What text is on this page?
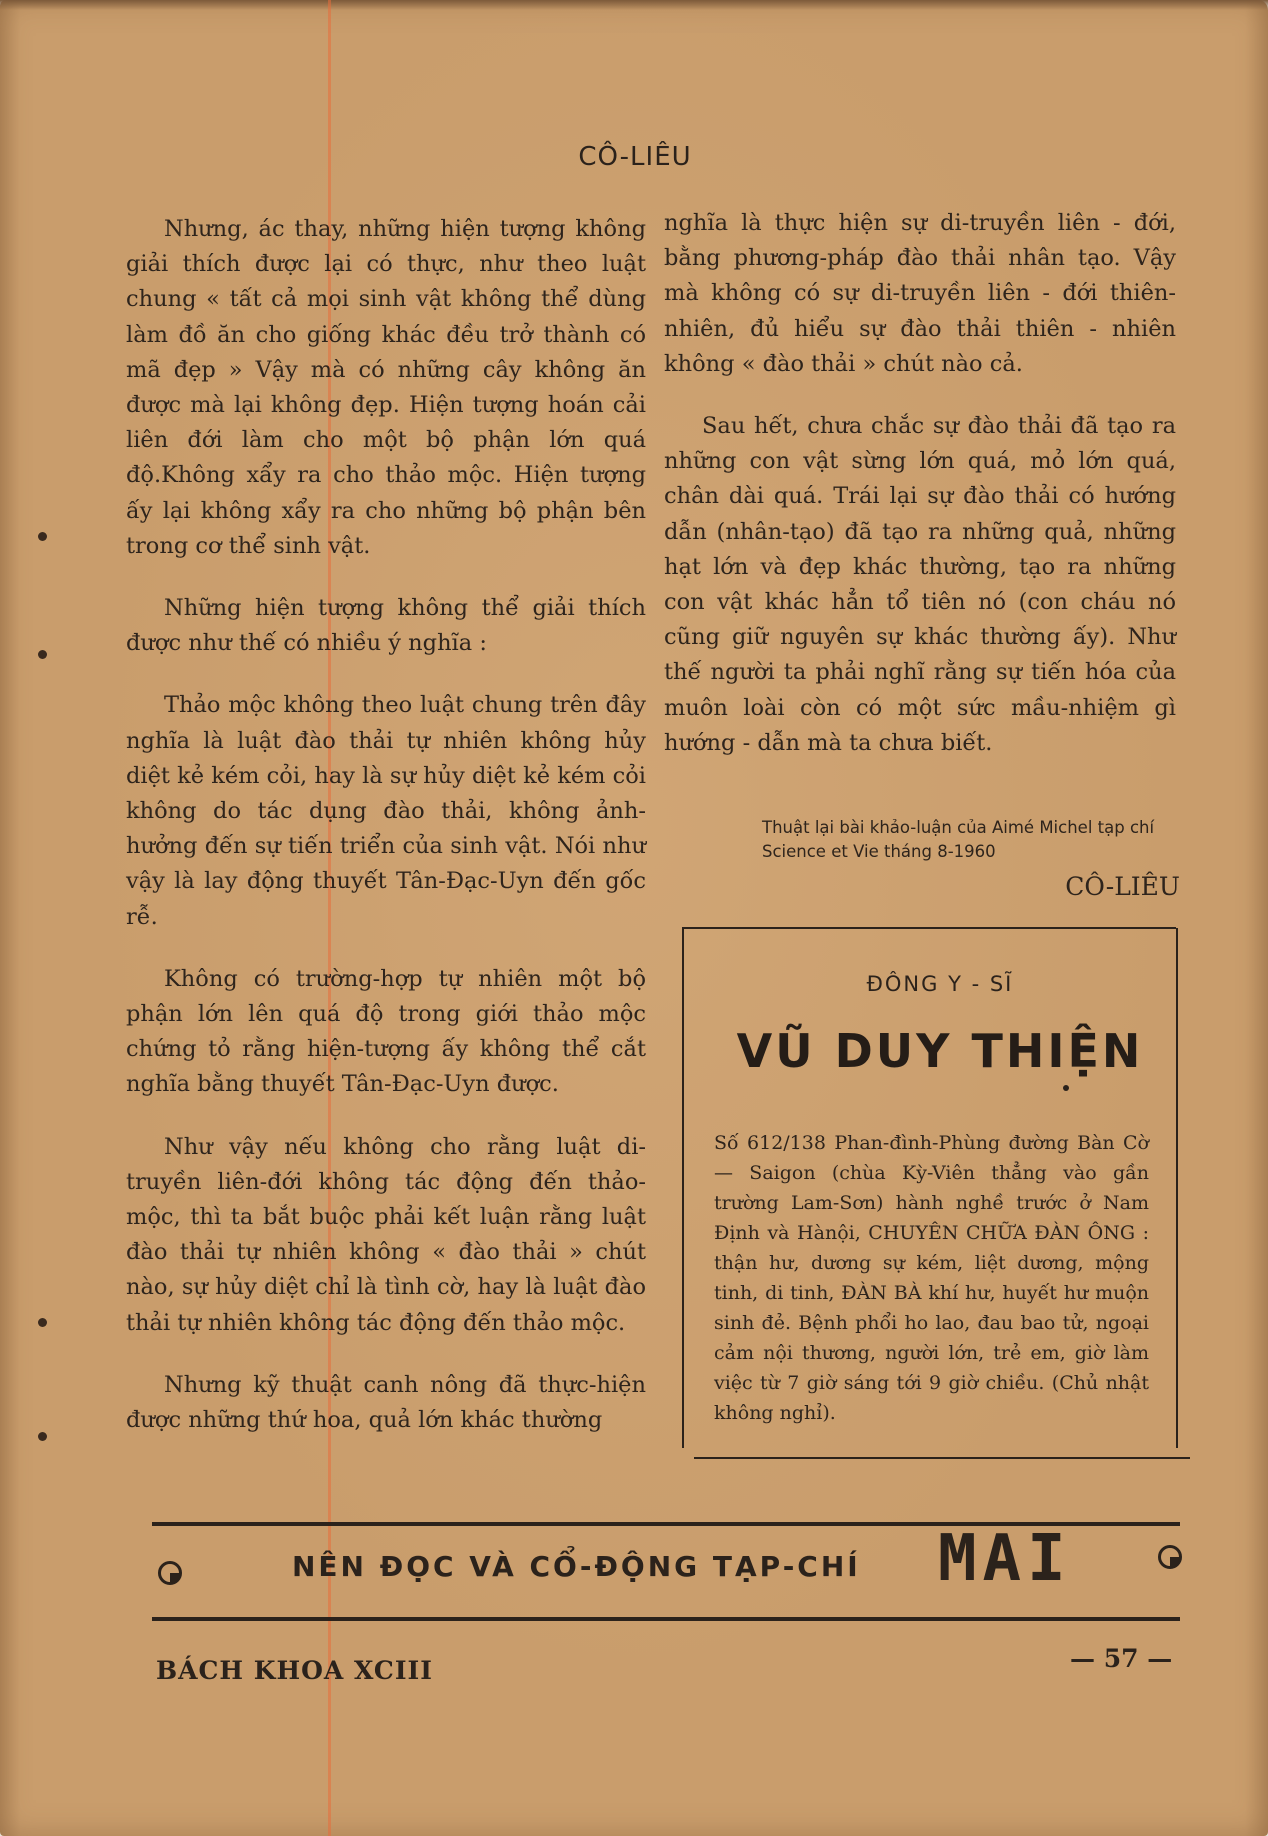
CÔ-LIÊU

Nhưng, ác thay, những hiện tượng không giải thích được lại có thực, như theo luật chung « tất cả mọi sinh vật không thể dùng làm đồ ăn cho giống khác đều trở thành có mã đẹp » Vậy mà có những cây không ăn được mà lại không đẹp. Hiện tượng hoán cải liên đới làm cho một bộ phận lớn quá độ.Không xẩy ra cho thảo mộc. Hiện tượng ấy lại không xẩy ra cho những bộ phận bên trong cơ thể sinh vật.

Những hiện tượng không thể giải thích được như thế có nhiều ý nghĩa :

Thảo mộc không theo luật chung trên đây nghĩa là luật đào thải tự nhiên không hủy diệt kẻ kém cỏi, hay là sự hủy diệt kẻ kém cỏi không do tác dụng đào thải, không ảnh-hưởng đến sự tiến triển của sinh vật. Nói như vậy là lay động thuyết Tân-Đạc-Uyn đến gốc rễ.

Không có trường-hợp tự nhiên một bộ phận lớn lên quá độ trong giới thảo mộc chứng tỏ rằng hiện-tượng ấy không thể cắt nghĩa bằng thuyết Tân-Đạc-Uyn được.

Như vậy nếu không cho rằng luật di-truyền liên-đới không tác động đến thảo-mộc, thì ta bắt buộc phải kết luận rằng luật đào thải tự nhiên không « đào thải » chút nào, sự hủy diệt chỉ là tình cờ, hay là luật đào thải tự nhiên không tác động đến thảo mộc.

Nhưng kỹ thuật canh nông đã thực-hiện được những thứ hoa, quả lớn khác thường

nghĩa là thực hiện sự di-truyền liên - đới, bằng phương-pháp đào thải nhân tạo. Vậy mà không có sự di-truyền liên - đới thiên-nhiên, đủ hiểu sự đào thải thiên - nhiên không « đào thải » chút nào cả.

Sau hết, chưa chắc sự đào thải đã tạo ra những con vật sừng lớn quá, mỏ lớn quá, chân dài quá. Trái lại sự đào thải có hướng dẫn (nhân-tạo) đã tạo ra những quả, những hạt lớn và đẹp khác thường, tạo ra những con vật khác hẳn tổ tiên nó (con cháu nó cũng giữ nguyên sự khác thường ấy). Như thế người ta phải nghĩ rằng sự tiến hóa của muôn loài còn có một sức mầu-nhiệm gì hướng - dẫn mà ta chưa biết.

Thuật lại bài khảo-luận của Aimé Michel tạp chí Science et Vie tháng 8-1960
CÔ-LIÊU
ĐÔNG Y - SĨ
VŨ DUY THIỆN
Số 612/138 Phan-đình-Phùng đường Bàn Cờ — Saigon (chùa Kỳ-Viên thẳng vào gần trường Lam-Sơn) hành nghề trước ở Nam Định và Hànội, CHUYÊN CHỮA ĐÀN ÔNG : thận hư, dương sự kém, liệt dương, mộng tinh, di tinh, ĐÀN BÀ khí hư, huyết hư muộn sinh đẻ. Bệnh phổi ho lao, đau bao tử, ngoại cảm nội thương, người lớn, trẻ em, giờ làm việc từ 7 giờ sáng tới 9 giờ chiều. (Chủ nhật không nghỉ).
NÊN ĐỌC VÀ CỔ-ĐỘNG TẠP-CHÍ MAI
BÁCH KHOA XCIII	— 57 —
